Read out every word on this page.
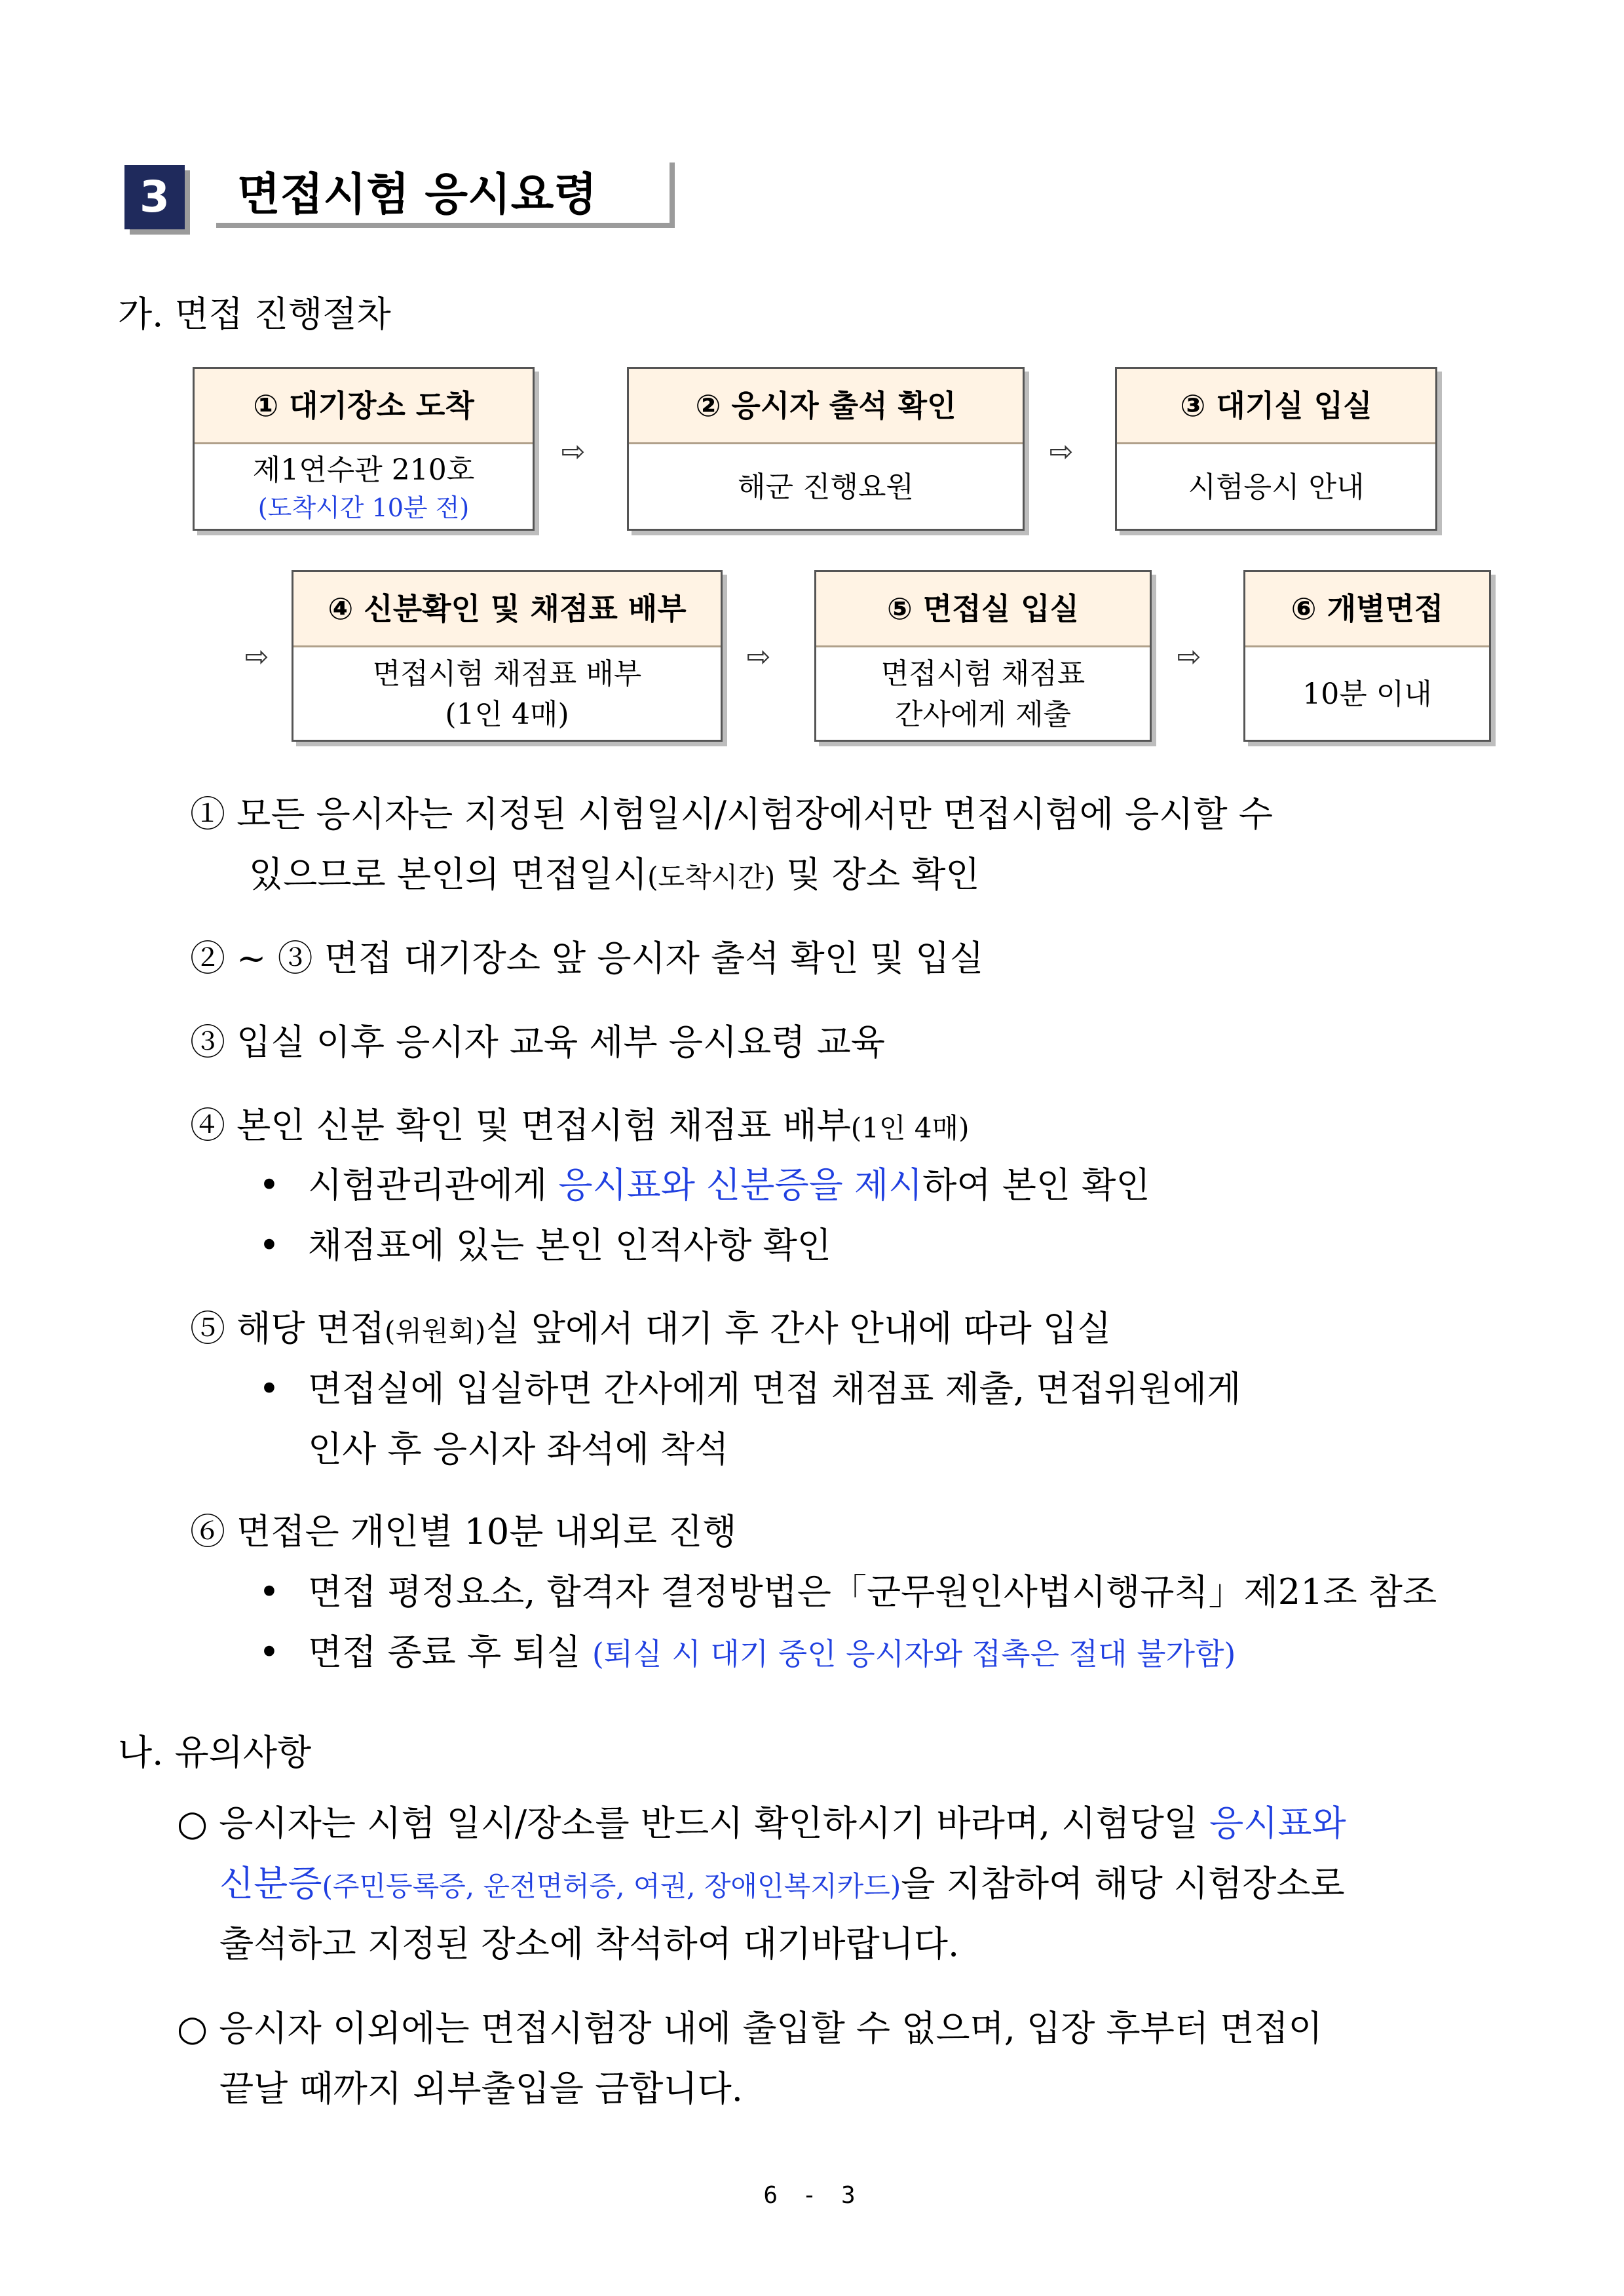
3	면접시험 응시요령
가. 면접 진행절차
① 대기장소 도착
제1연수관 210호
(도착시간 10분 전)
⇨
② 응시자 출석 확인
해군 진행요원
⇨
③ 대기실 입실
시험응시 안내
⇨
④ 신분확인 및 채점표 배부
면접시험 채점표 배부
(1인 4매)
⇨
⑤ 면접실 입실
면접시험 채점표
간사에게 제출
⇨
⑥ 개별면접
10분 이내
① 모든 응시자는 지정된 시험일시/시험장에서만 면접시험에 응시할 수
있으므로 본인의 면접일시(도착시간) 및 장소 확인
② ~ ③ 면접 대기장소 앞 응시자 출석 확인 및 입실
③ 입실 이후 응시자 교육 세부 응시요령 교육
④ 본인 신분 확인 및 면접시험 채점표 배부(1인 4매)
• 시험관리관에게 응시표와 신분증을 제시하여 본인 확인
• 채점표에 있는 본인 인적사항 확인
⑤ 해당 면접(위원회)실 앞에서 대기 후 간사 안내에 따라 입실
• 면접실에 입실하면 간사에게 면접 채점표 제출, 면접위원에게
인사 후 응시자 좌석에 착석
⑥ 면접은 개인별 10분 내외로 진행
• 면접 평정요소, 합격자 결정방법은「군무원인사법시행규칙」제21조 참조
• 면접 종료 후 퇴실 (퇴실 시 대기 중인 응시자와 접촉은 절대 불가함)
나. 유의사항
○ 응시자는 시험 일시/장소를 반드시 확인하시기 바라며, 시험당일 응시표와
신분증(주민등록증, 운전면허증, 여권, 장애인복지카드)을 지참하여 해당 시험장소로
출석하고 지정된 장소에 착석하여 대기바랍니다.
○ 응시자 이외에는 면접시험장 내에 출입할 수 없으며, 입장 후부터 면접이
끝날 때까지 외부출입을 금합니다.
6 - 3
